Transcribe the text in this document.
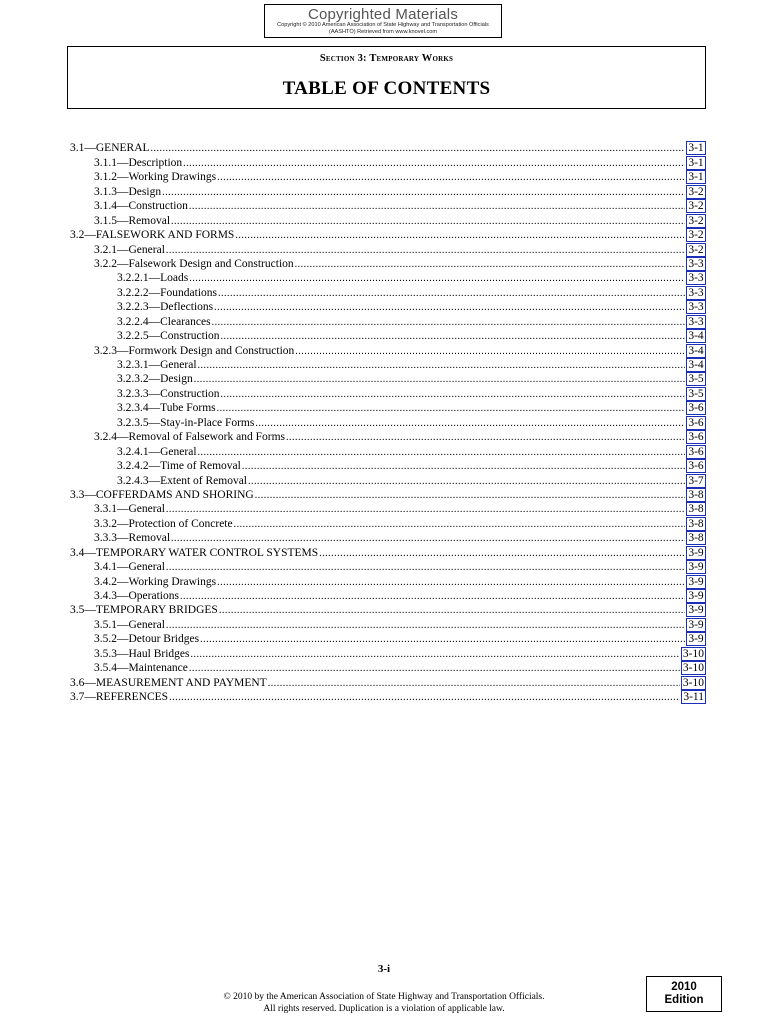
Copyrighted Materials
Copyright © 2010 American Association of State Highway and Transportation Officials
(AASHTO) Retrieved from www.knovel.com
Section 3: Temporary Works
TABLE OF CONTENTS
3.1—GENERAL .....	3-1
3.1.1—Description .....	3-1
3.1.2—Working Drawings .....	3-1
3.1.3—Design .....	3-2
3.1.4—Construction .....	3-2
3.1.5—Removal .....	3-2
3.2—FALSEWORK AND FORMS .....	3-2
3.2.1—General .....	3-2
3.2.2—Falsework Design and Construction .....	3-3
3.2.2.1—Loads .....	3-3
3.2.2.2—Foundations .....	3-3
3.2.2.3—Deflections .....	3-3
3.2.2.4—Clearances .....	3-3
3.2.2.5—Construction .....	3-4
3.2.3—Formwork Design and Construction .....	3-4
3.2.3.1—General .....	3-4
3.2.3.2—Design .....	3-5
3.2.3.3—Construction .....	3-5
3.2.3.4—Tube Forms .....	3-6
3.2.3.5—Stay-in-Place Forms .....	3-6
3.2.4—Removal of Falsework and Forms .....	3-6
3.2.4.1—General .....	3-6
3.2.4.2—Time of Removal .....	3-6
3.2.4.3—Extent of Removal .....	3-7
3.3—COFFERDAMS AND SHORING .....	3-8
3.3.1—General .....	3-8
3.3.2—Protection of Concrete .....	3-8
3.3.3—Removal .....	3-8
3.4—TEMPORARY WATER CONTROL SYSTEMS .....	3-9
3.4.1—General .....	3-9
3.4.2—Working Drawings .....	3-9
3.4.3—Operations .....	3-9
3.5—TEMPORARY BRIDGES .....	3-9
3.5.1—General .....	3-9
3.5.2—Detour Bridges .....	3-9
3.5.3—Haul Bridges .....	3-10
3.5.4—Maintenance .....	3-10
3.6—MEASUREMENT AND PAYMENT .....	3-10
3.7—REFERENCES .....	3-11
3-i
© 2010 by the American Association of State Highway and Transportation Officials.
All rights reserved. Duplication is a violation of applicable law.
2010
Edition
